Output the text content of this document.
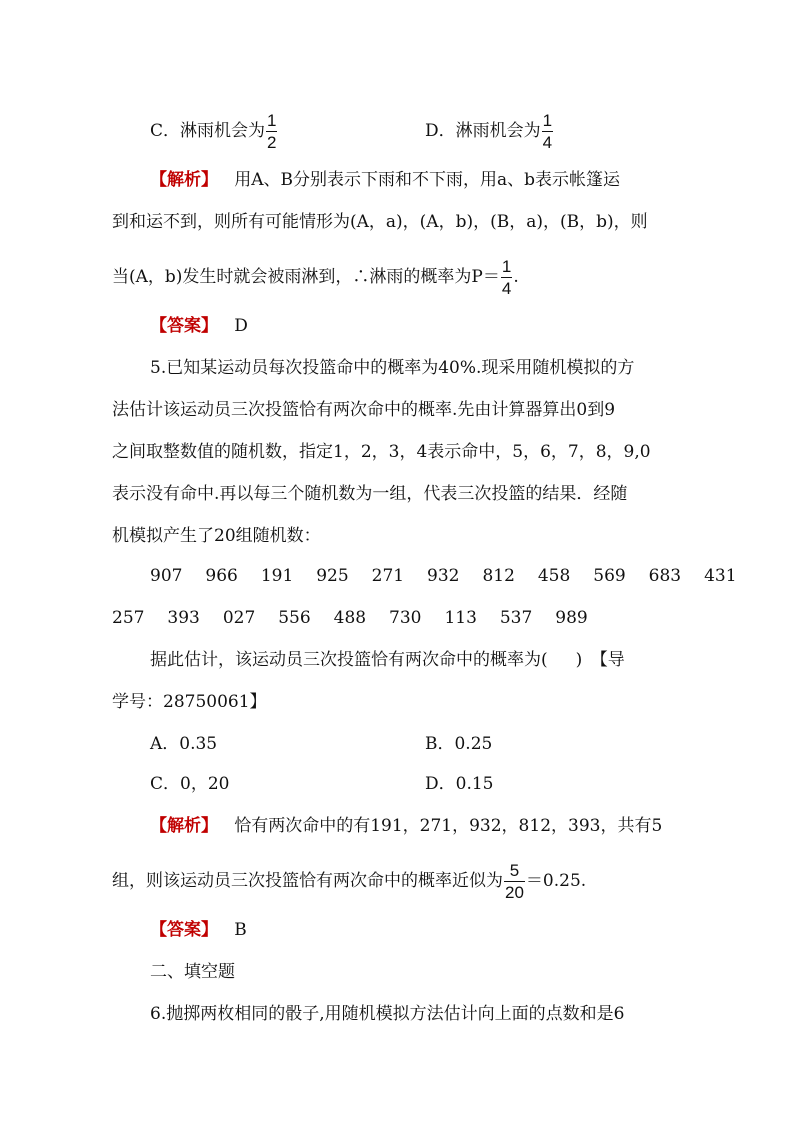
C．淋雨机会为 $\frac{1}{2}$	D．淋雨机会为 $\frac{1}{4}$
【解析】 用A、B分别表示下雨和不下雨，用a、b表示帐篷运
到和运不到，则所有可能情形为(A，a)，(A，b)，(B，a)，(B，b)，则
当(A，b)发生时就会被雨淋到，∴淋雨的概率为$P= \frac{1}{4}$ .
【答案】 D
5.已知某运动员每次投篮命中的概率为40%.现采用随机模拟的方
法估计该运动员三次投篮恰有两次命中的概率.先由计算器算出0到9
之间取整数值的随机数，指定1，2，3，4表示命中，5，6，7，8，9,0
表示没有命中.再以每三个随机数为一组，代表三次投篮的结果．经随
机模拟产生了20组随机数：
907 966 191 925 271 932 812 458 569 683 431
257 393 027 556 488 730 113 537 989
据此估计，该运动员三次投篮恰有两次命中的概率为( )　【导
学号：28750061】
A．0.35	B．0.25
C．0，20	D．0.15
【解析】 恰有两次命中的有191，271，932，812，393，共有5
组，则该运动员三次投篮恰有两次命中的概率近似为 $\frac{5}{20} =0.25$.
【答案】 B
二、填空题
6.抛掷两枚相同的骰子,用随机模拟方法估计向上面的点数和是6
